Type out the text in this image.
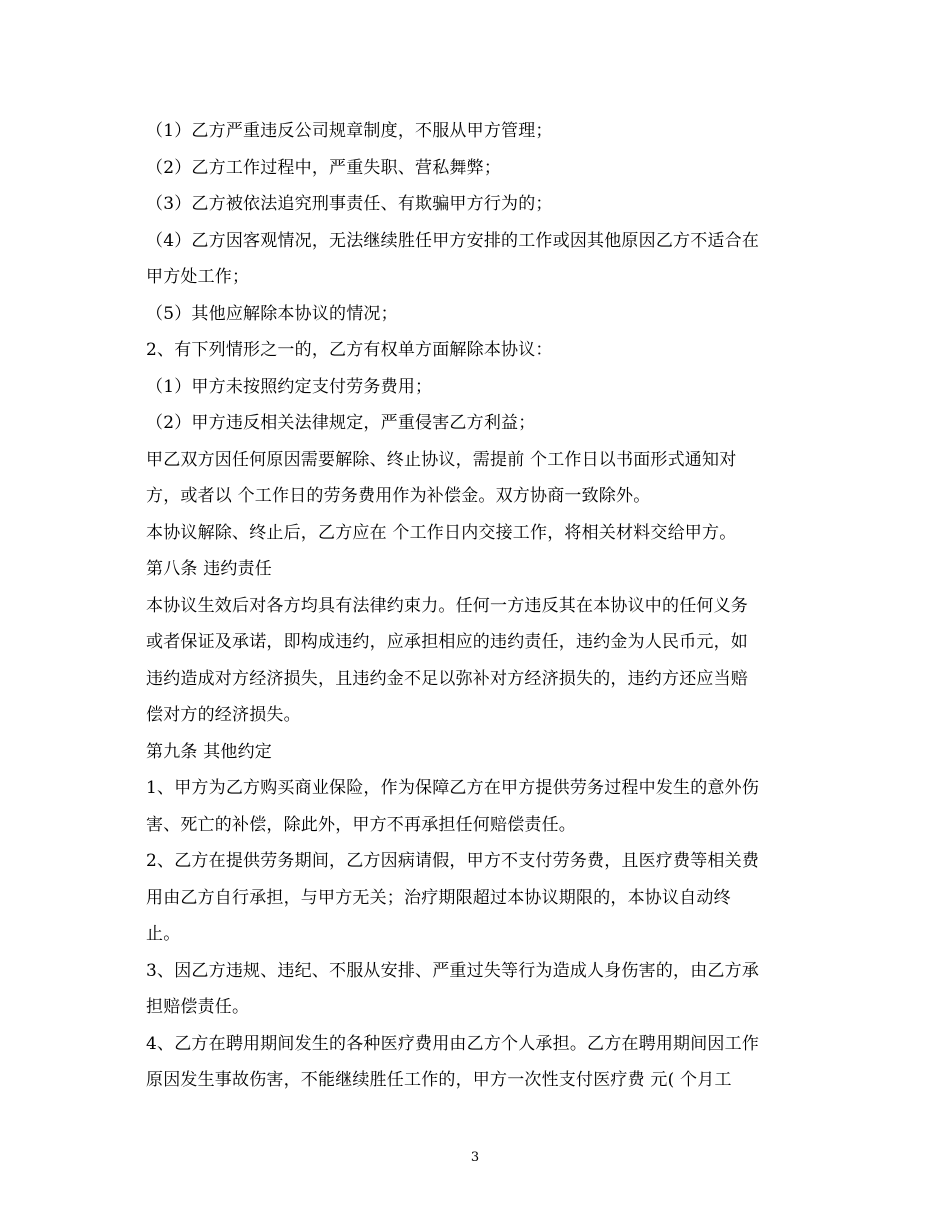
（1）乙方严重违反公司规章制度，不服从甲方管理；
（2）乙方工作过程中，严重失职、营私舞弊；
（3）乙方被依法追究刑事责任、有欺骗甲方行为的；
（4）乙方因客观情况，无法继续胜任甲方安排的工作或因其他原因乙方不适合在
甲方处工作；
（5）其他应解除本协议的情况；
2、有下列情形之一的，乙方有权单方面解除本协议：
（1）甲方未按照约定支付劳务费用；
（2）甲方违反相关法律规定，严重侵害乙方利益；
甲乙双方因任何原因需要解除、终止协议，需提前 个工作日以书面形式通知对
方，或者以 个工作日的劳务费用作为补偿金。双方协商一致除外。
本协议解除、终止后，乙方应在 个工作日内交接工作，将相关材料交给甲方。
第八条 违约责任
本协议生效后对各方均具有法律约束力。任何一方违反其在本协议中的任何义务
或者保证及承诺，即构成违约，应承担相应的违约责任，违约金为人民币元，如
违约造成对方经济损失，且违约金不足以弥补对方经济损失的，违约方还应当赔
偿对方的经济损失。
第九条 其他约定
1、甲方为乙方购买商业保险，作为保障乙方在甲方提供劳务过程中发生的意外伤
害、死亡的补偿，除此外，甲方不再承担任何赔偿责任。
2、乙方在提供劳务期间，乙方因病请假，甲方不支付劳务费，且医疗费等相关费
用由乙方自行承担，与甲方无关；治疗期限超过本协议期限的，本协议自动终
止。
3、因乙方违规、违纪、不服从安排、严重过失等行为造成人身伤害的，由乙方承
担赔偿责任。
4、乙方在聘用期间发生的各种医疗费用由乙方个人承担。乙方在聘用期间因工作
原因发生事故伤害，不能继续胜任工作的，甲方一次性支付医疗费 元( 个月工
3
